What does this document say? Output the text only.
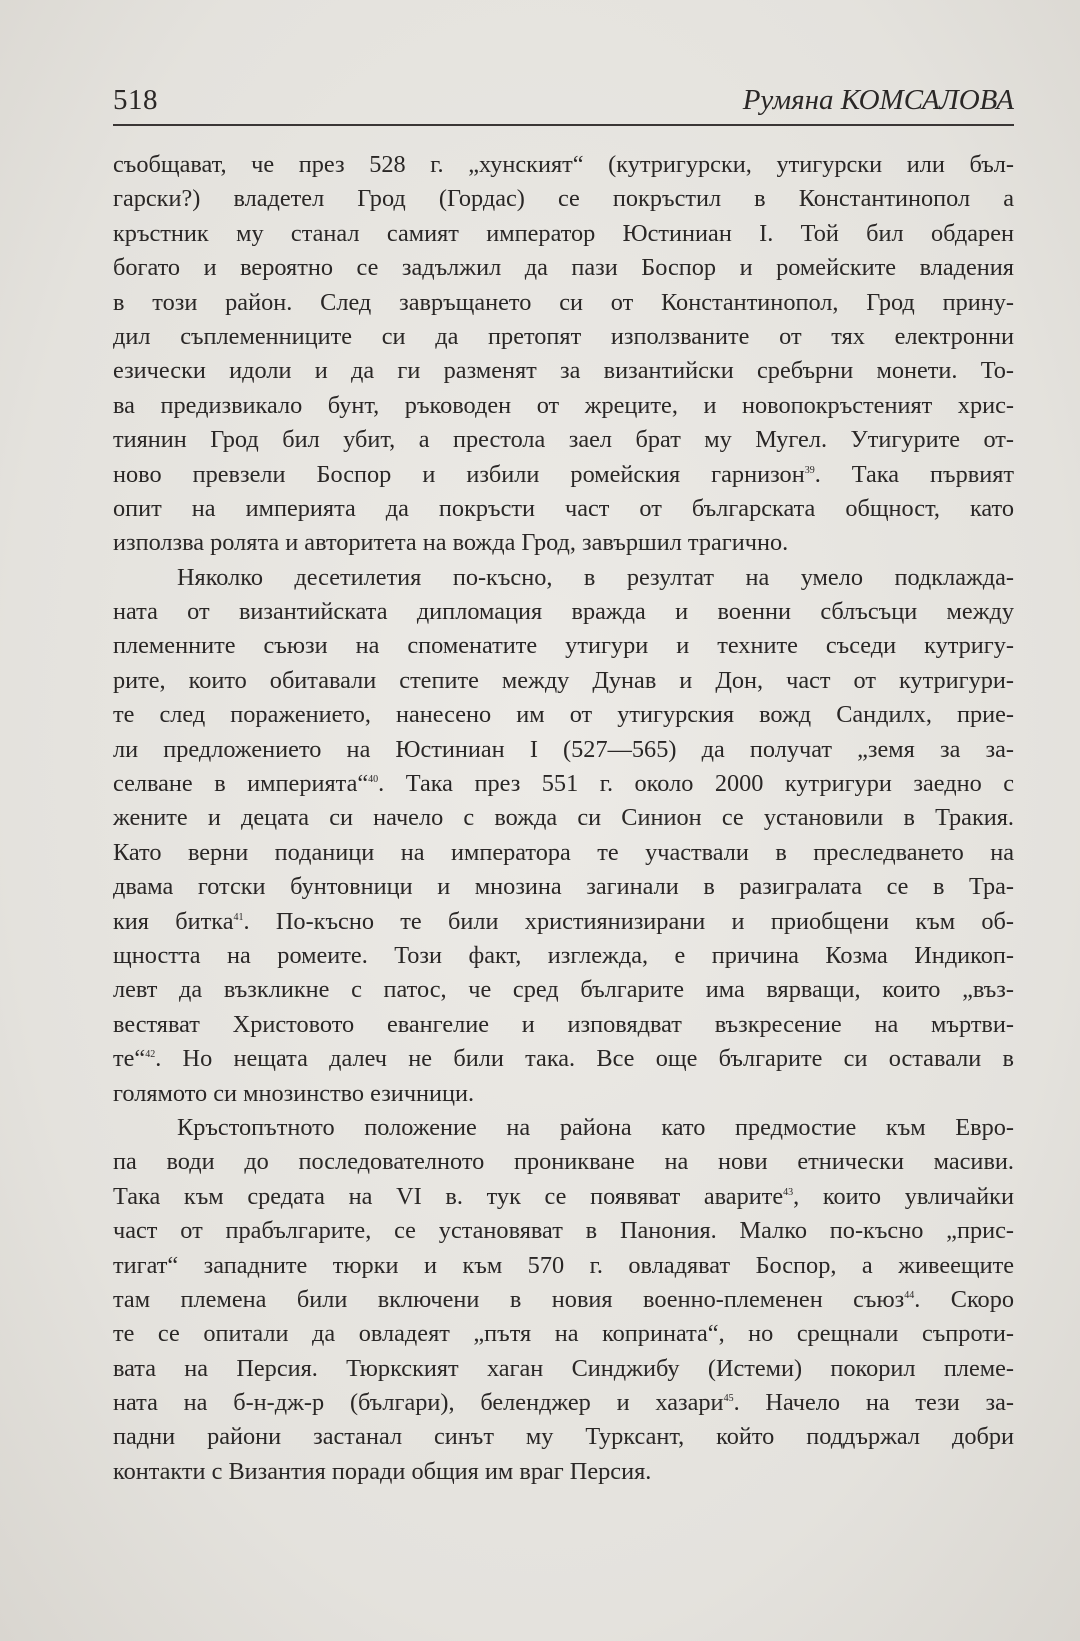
518	Румяна КОМСАЛОВА
съобщават, че през 528 г. „хунският“ (кутригурски, утигурски или бъл-
гарски?) владетел Грод (Гордас) се покръстил в Константинопол а
кръстник му станал самият император Юстиниан I. Той бил обдарен
богато и вероятно се задължил да пази Боспор и ромейските владения
в този район. След завръщането си от Константинопол, Грод прину-
дил съплеменниците си да претопят използваните от тях електронни
езически идоли и да ги разменят за византийски сребърни монети. То-
ва предизвикало бунт, ръководен от жреците, и новопокръстеният хрис-
тиянин Грод бил убит, а престола заел брат му Мугел. Утигурите от-
ново превзели Боспор и избили ромейския гарнизон$^{39}$. Така първият
опит на империята да покръсти част от българската общност, като
използва ролята и авторитета на вожда Грод, завършил трагично.
Няколко десетилетия по-късно, в резултат на умело подклажда-
ната от византийската дипломация вражда и военни сблъсъци между
племенните съюзи на споменатите утигури и техните съседи кутригу-
рите, които обитавали степите между Дунав и Дон, част от кутригури-
те след поражението, нанесено им от утигурския вожд Сандилх, прие-
ли предложението на Юстиниан I (527—565) да получат „земя за за-
селване в империята“$^{40}$. Така през 551 г. около 2000 кутригури заедно с
жените и децата си начело с вожда си Синион се установили в Тракия.
Като верни поданици на императора те участвали в преследването на
двама готски бунтовници и мнозина загинали в разигралата се в Тра-
кия битка$^{41}$. По-късно те били християнизирани и приобщени към об-
щността на ромеите. Този факт, изглежда, е причина Козма Индикоп-
левт да възкликне с патос, че сред българите има вярващи, които „въз-
вестяват Христовото евангелие и изповядват възкресение на мъртви-
те“$^{42}$. Но нещата далеч не били така. Все още българите си оставали в
голямото си мнозинство езичници.
Кръстопътното положение на района като предмостие към Евро-
па води до последователното проникване на нови етнически масиви.
Така към средата на VI в. тук се появяват аварите$^{43}$, които увличайки
част от прабългарите, се установяват в Панония. Малко по-късно „прис-
тигат“ западните тюрки и към 570 г. овладяват Боспор, а живеещите
там племена били включени в новия военно-племенен съюз$^{44}$. Скоро
те се опитали да овладеят „пътя на коприната“, но срещнали съпроти-
вата на Персия. Тюркският хаган Синджибу (Истеми) покорил племе-
ната на б-н-дж-р (българи), беленджер и хазари$^{45}$. Начело на тези за-
падни райони застанал синът му Турксант, който поддържал добри
контакти с Византия поради общия им враг Персия.
